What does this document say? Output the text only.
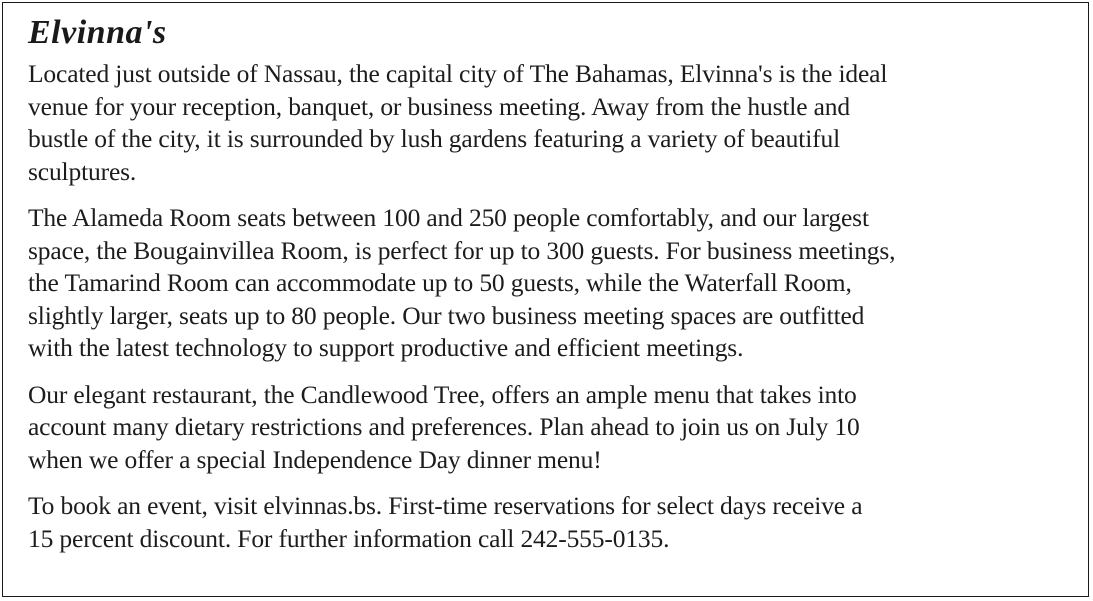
Elvinna's

Located just outside of Nassau, the capital city of The Bahamas, Elvinna's is the ideal
venue for your reception, banquet, or business meeting. Away from the hustle and
bustle of the city, it is surrounded by lush gardens featuring a variety of beautiful
sculptures.

The Alameda Room seats between 100 and 250 people comfortably, and our largest
space, the Bougainvillea Room, is perfect for up to 300 guests. For business meetings,
the Tamarind Room can accommodate up to 50 guests, while the Waterfall Room,
slightly larger, seats up to 80 people. Our two business meeting spaces are outfitted
with the latest technology to support productive and efficient meetings.

Our elegant restaurant, the Candlewood Tree, offers an ample menu that takes into
account many dietary restrictions and preferences. Plan ahead to join us on July 10
when we offer a special Independence Day dinner menu!

To book an event, visit elvinnas.bs. First-time reservations for select days receive a
15 percent discount. For further information call 242-555-0135.
